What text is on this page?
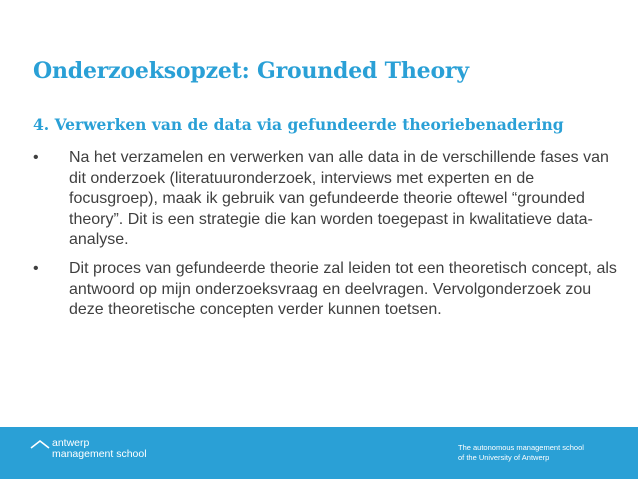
Onderzoeksopzet: Grounded Theory
4. Verwerken van de data via gefundeerde theoriebenadering
• Na het verzamelen en verwerken van alle data in de verschillende fases van dit onderzoek (literatuuronderzoek, interviews met experten en de focusgroep), maak ik gebruik van gefundeerde theorie oftewel “grounded theory”. Dit is een strategie die kan worden toegepast in kwalitatieve data-analyse.
• Dit proces van gefundeerde theorie zal leiden tot een theoretisch concept, als antwoord op mijn onderzoeksvraag en deelvragen. Vervolgonderzoek zou deze theoretische concepten verder kunnen toetsen.
antwerp
management school
The autonomous management school
of the University of Antwerp
